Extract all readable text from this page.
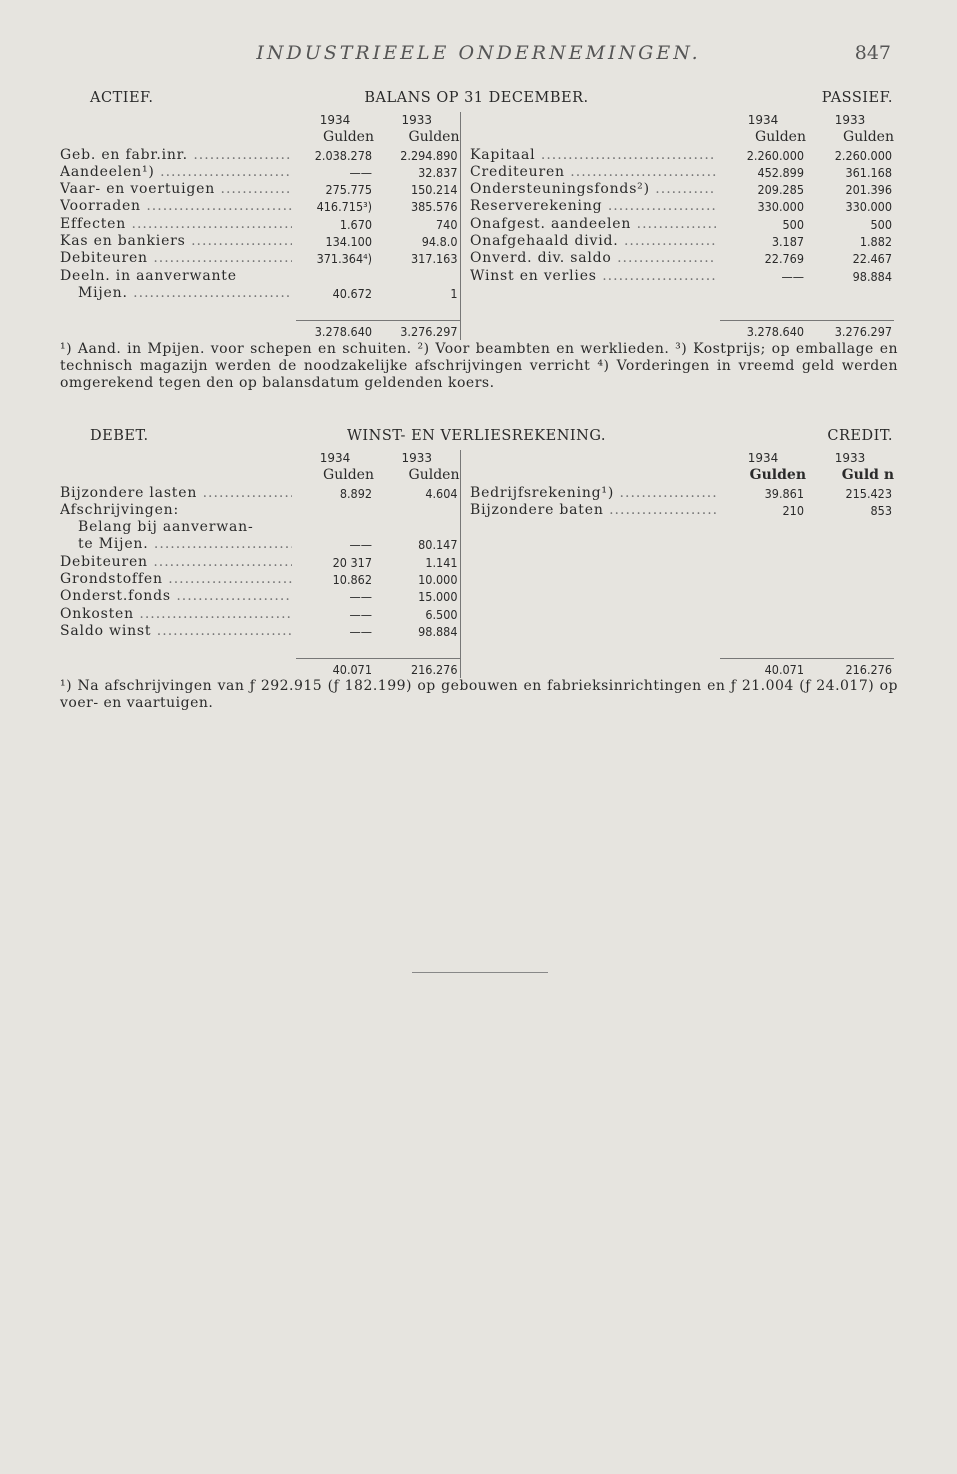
INDUSTRIEELE ONDERNEMINGEN.	847
ACTIEF.	BALANS OP 31 DECEMBER.	PASSIEF.
	1934	1933			1934	1933
	Gulden	Gulden			Gulden	Gulden

Geb. en fabr.inr. .....	2.038.278	2.294.890		Kapitaal .....	2.260.000	2.260.000

Aandeelen¹) .....	——	32.837		Crediteuren .....	452.899	361.168

Vaar- en vοertuigen .....	275.775	150.214		Ondersteuningsfonds²) .....	209.285	201.396

Voorraden .....	416.715³)	385.576		Reserverekening .....	330.000	330.000

Effecten .....	1.670	740		Onafgest. aandeelen .....	500	500

Kas en bankiers .....	134.100	94.8.0		Onafgehaald divid. .....	3.187	1.882

Debiteuren .....	371.364⁴)	317.163		Onverd. div. saldo .....	22.769	22.467
Deeln. in aanverwante				Winst en verlies .....	——	98.884

Mijen. .....	40.672	1				

	3.278.640	3.276.297			3.278.640	3.276.297

¹) Aand. in Mpijen. voor schepen en schuiten. ²) Voor beambten en werklieden. ³) Kostprijs; op emballage en technisch magazijn werden de noodzakelijke afschrijvingen verricht ⁴) Vorderingen in vreemd geld werden omgerekend tegen den op balansdatum geldenden koers.

DEBET.	WINST- EN VERLIESREKENING.	CREDIT.
	1934	1933			1934	1933
	Gulden	Gulden			Gulden	Guld n

Bijzondere lasten .....	8.892	4.604		Bedrijfsrekening¹) .....	39.861	215.423
Afschrijvingen:				Bijzondere baten .....	210	853
Belang bij aanverwan-						

te Mijen. .....	——	80.147				

Debiteuren .....	20 317	1.141				

Grondstoffen .....	10.862	10.000				

Onderst.fonds .....	——	15.000				

Onkosten .....	——	6.500				

Saldo winst .....	——	98.884				

	40.071	216.276			40.071	216.276

¹) Na afschrijvingen van ƒ 292.915 (ƒ 182.199) op gebouwen en fabrieksinrichtingen en ƒ 21.004 (ƒ 24.017) op voer- en vaartuigen.
